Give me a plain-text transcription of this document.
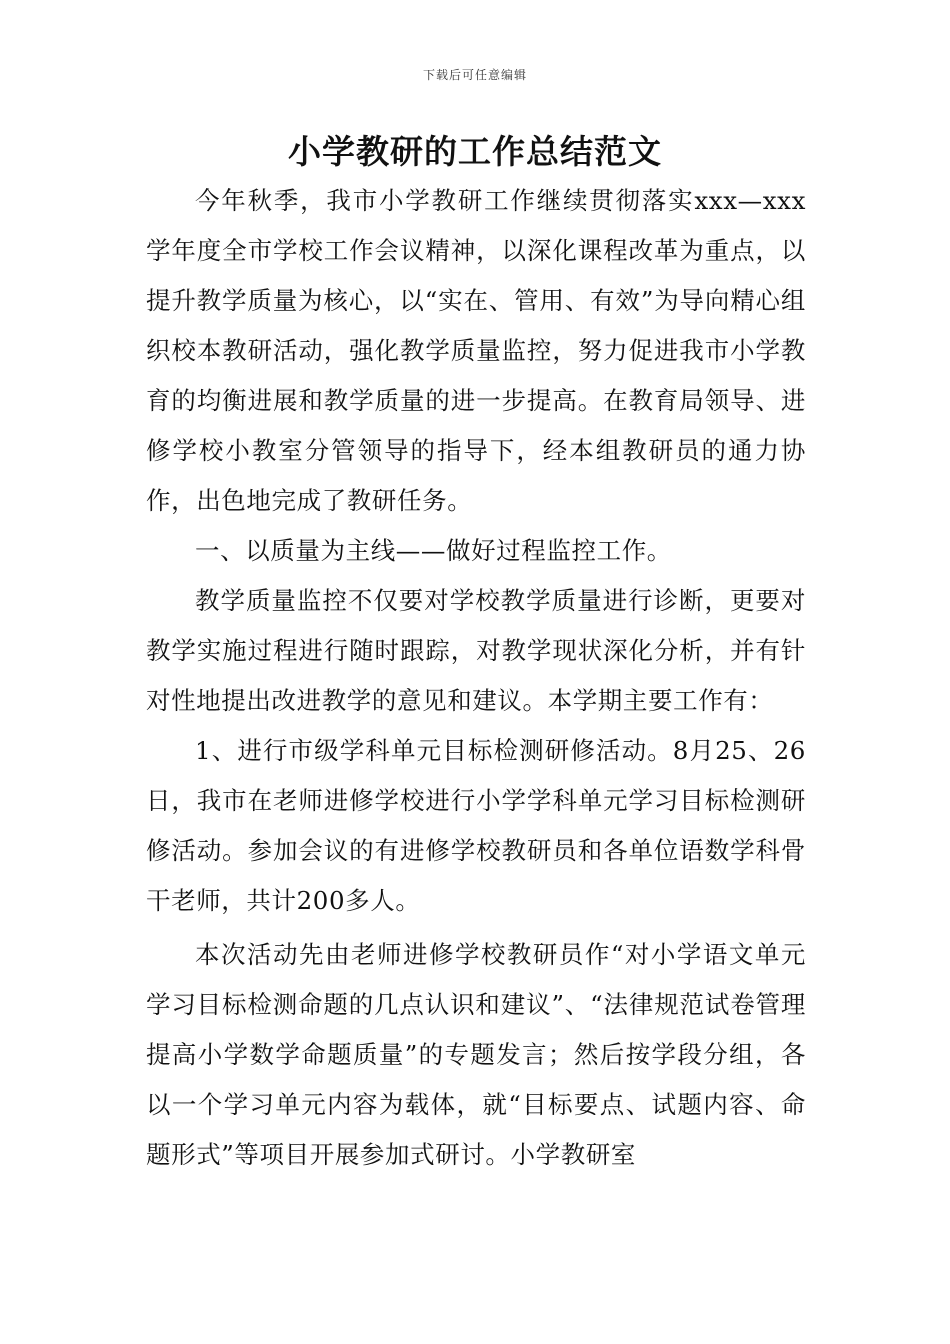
下载后可任意编辑
小学教研的工作总结范文

今年秋季，我市小学教研工作继续贯彻落实xxx—xxx学年度全市学校工作会议精神，以深化课程改革为重点，以提升教学质量为核心，以“实在、管用、有效”为导向精心组织校本教研活动，强化教学质量监控，努力促进我市小学教育的均衡进展和教学质量的进一步提高。在教育局领导、进修学校小教室分管领导的指导下，经本组教研员的通力协作，出色地完成了教研任务。

一、以质量为主线——做好过程监控工作。

教学质量监控不仅要对学校教学质量进行诊断，更要对教学实施过程进行随时跟踪，对教学现状深化分析，并有针对性地提出改进教学的意见和建议。本学期主要工作有：

1、进行市级学科单元目标检测研修活动。8月25、26日，我市在老师进修学校进行小学学科单元学习目标检测研修活动。参加会议的有进修学校教研员和各单位语数学科骨干老师，共计200多人。

本次活动先由老师进修学校教研员作“对小学语文单元学习目标检测命题的几点认识和建议”、“法律规范试卷管理提高小学数学命题质量”的专题发言；然后按学段分组，各以一个学习单元内容为载体，就“目标要点、试题内容、命题形式”等项目开展参加式研讨。小学教研室
